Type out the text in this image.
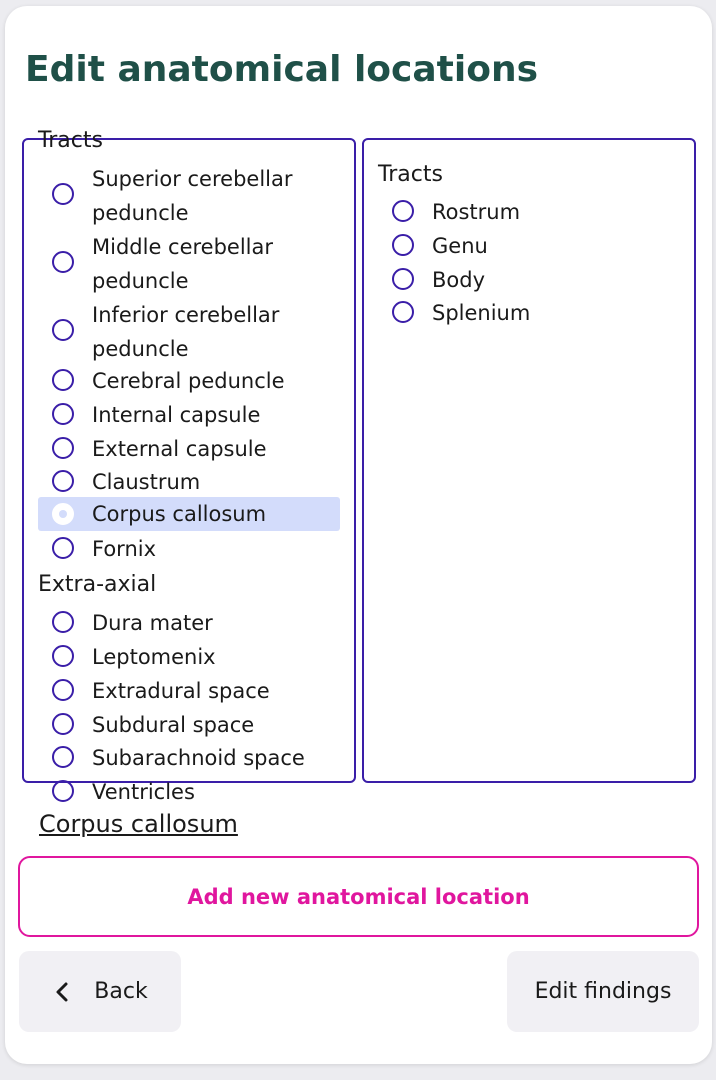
Edit anatomical locations
Tracts
Superior cerebellar peduncle
Middle cerebellar peduncle
Inferior cerebellar peduncle
Cerebral peduncle
Internal capsule
External capsule
Claustrum
Corpus callosum
Fornix
Extra-axial
Dura mater
Leptomenix
Extradural space
Subdural space
Subarachnoid space
Ventricles
Tracts
Rostrum
Genu
Body
Splenium
Corpus callosum
Add new anatomical location
Back	Edit findings
